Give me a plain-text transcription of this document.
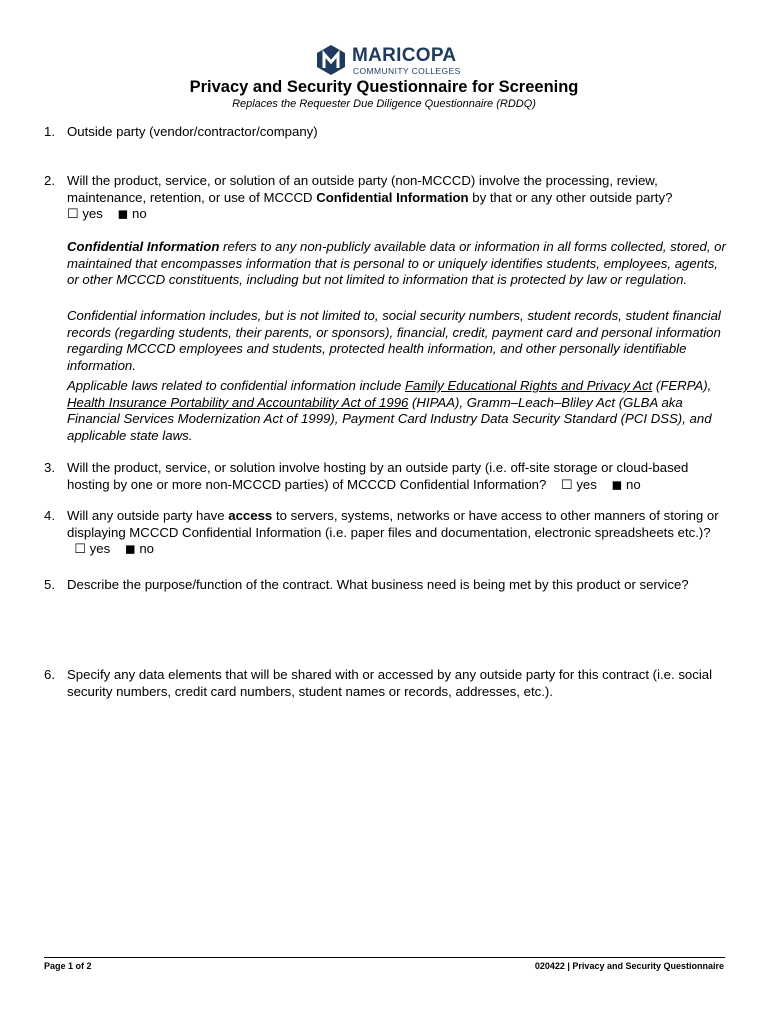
MARICOPA
COMMUNITY COLLEGES
Privacy and Security Questionnaire for Screening
Replaces the Requester Due Diligence Questionnaire (RDDQ)
1. Outside party (vendor/contractor/company)
2. Will the product, service, or solution of an outside party (non-MCCCD) involve the processing, review, maintenance, retention, or use of MCCCD Confidential Information by that or any other outside party?
☐ yes ◼ no
Confidential Information refers to any non-publicly available data or information in all forms collected, stored, or maintained that encompasses information that is personal to or uniquely identifies students, employees, agents, or other MCCCD constituents, including but not limited to information that is protected by law or regulation.
Confidential information includes, but is not limited to, social security numbers, student records, student financial records (regarding students, their parents, or sponsors), financial, credit, payment card and personal information regarding MCCCD employees and students, protected health information, and other personally identifiable information.
Applicable laws related to confidential information include Family Educational Rights and Privacy Act (FERPA), Health Insurance Portability and Accountability Act of 1996 (HIPAA), Gramm–Leach–Bliley Act (GLBA aka Financial Services Modernization Act of 1999), Payment Card Industry Data Security Standard (PCI DSS), and applicable state laws.
3. Will the product, service, or solution involve hosting by an outside party (i.e. off-site storage or cloud-based hosting by one or more non-MCCCD parties) of MCCCD Confidential Information? ☐ yes ◼ no
4. Will any outside party have access to servers, systems, networks or have access to other manners of storing or displaying MCCCD Confidential Information (i.e. paper files and documentation, electronic spreadsheets etc.)?   ☐ yes ◼ no
5. Describe the purpose/function of the contract. What business need is being met by this product or service?
6. Specify any data elements that will be shared with or accessed by any outside party for this contract (i.e. social security numbers, credit card numbers, student names or records, addresses, etc.).
Page 1 of 2	020422 | Privacy and Security Questionnaire
